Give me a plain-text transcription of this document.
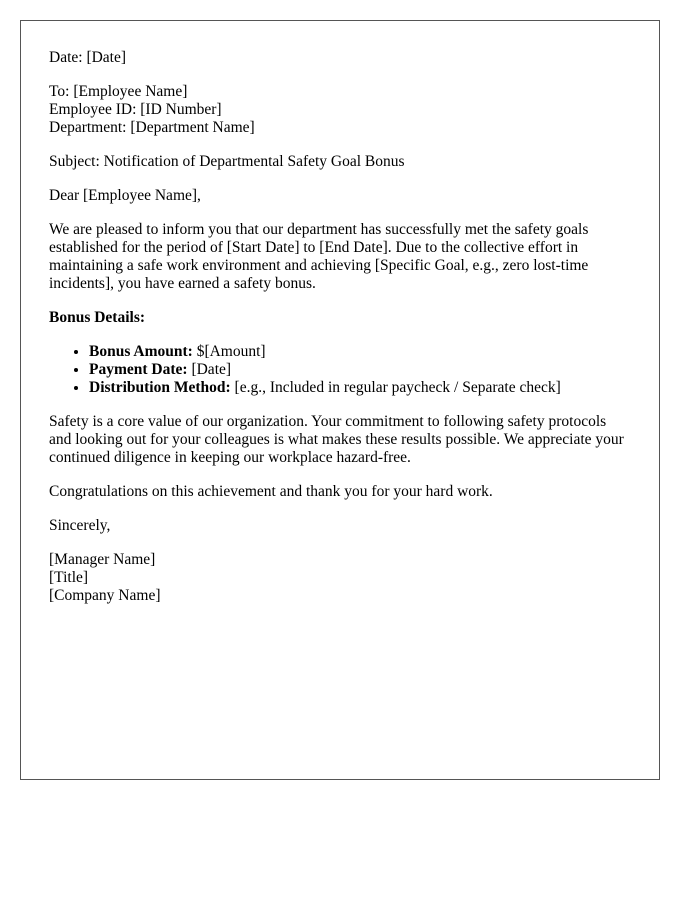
Date: [Date]
To: [Employee Name]
Employee ID: [ID Number]
Department: [Department Name]
Subject: Notification of Departmental Safety Goal Bonus
Dear [Employee Name],

We are pleased to inform you that our department has successfully met the safety goals established for the period of [Start Date] to [End Date]. Due to the collective effort in maintaining a safe work environment and achieving [Specific Goal, e.g., zero lost-time incidents], you have earned a safety bonus.

Bonus Details:
• Bonus Amount: $[Amount]
• Payment Date: [Date]
• Distribution Method: [e.g., Included in regular paycheck / Separate check]

Safety is a core value of our organization. Your commitment to following safety protocols and looking out for your colleagues is what makes these results possible. We appreciate your continued diligence in keeping our workplace hazard-free.

Congratulations on this achievement and thank you for your hard work.

Sincerely,
[Manager Name]
[Title]
[Company Name]
